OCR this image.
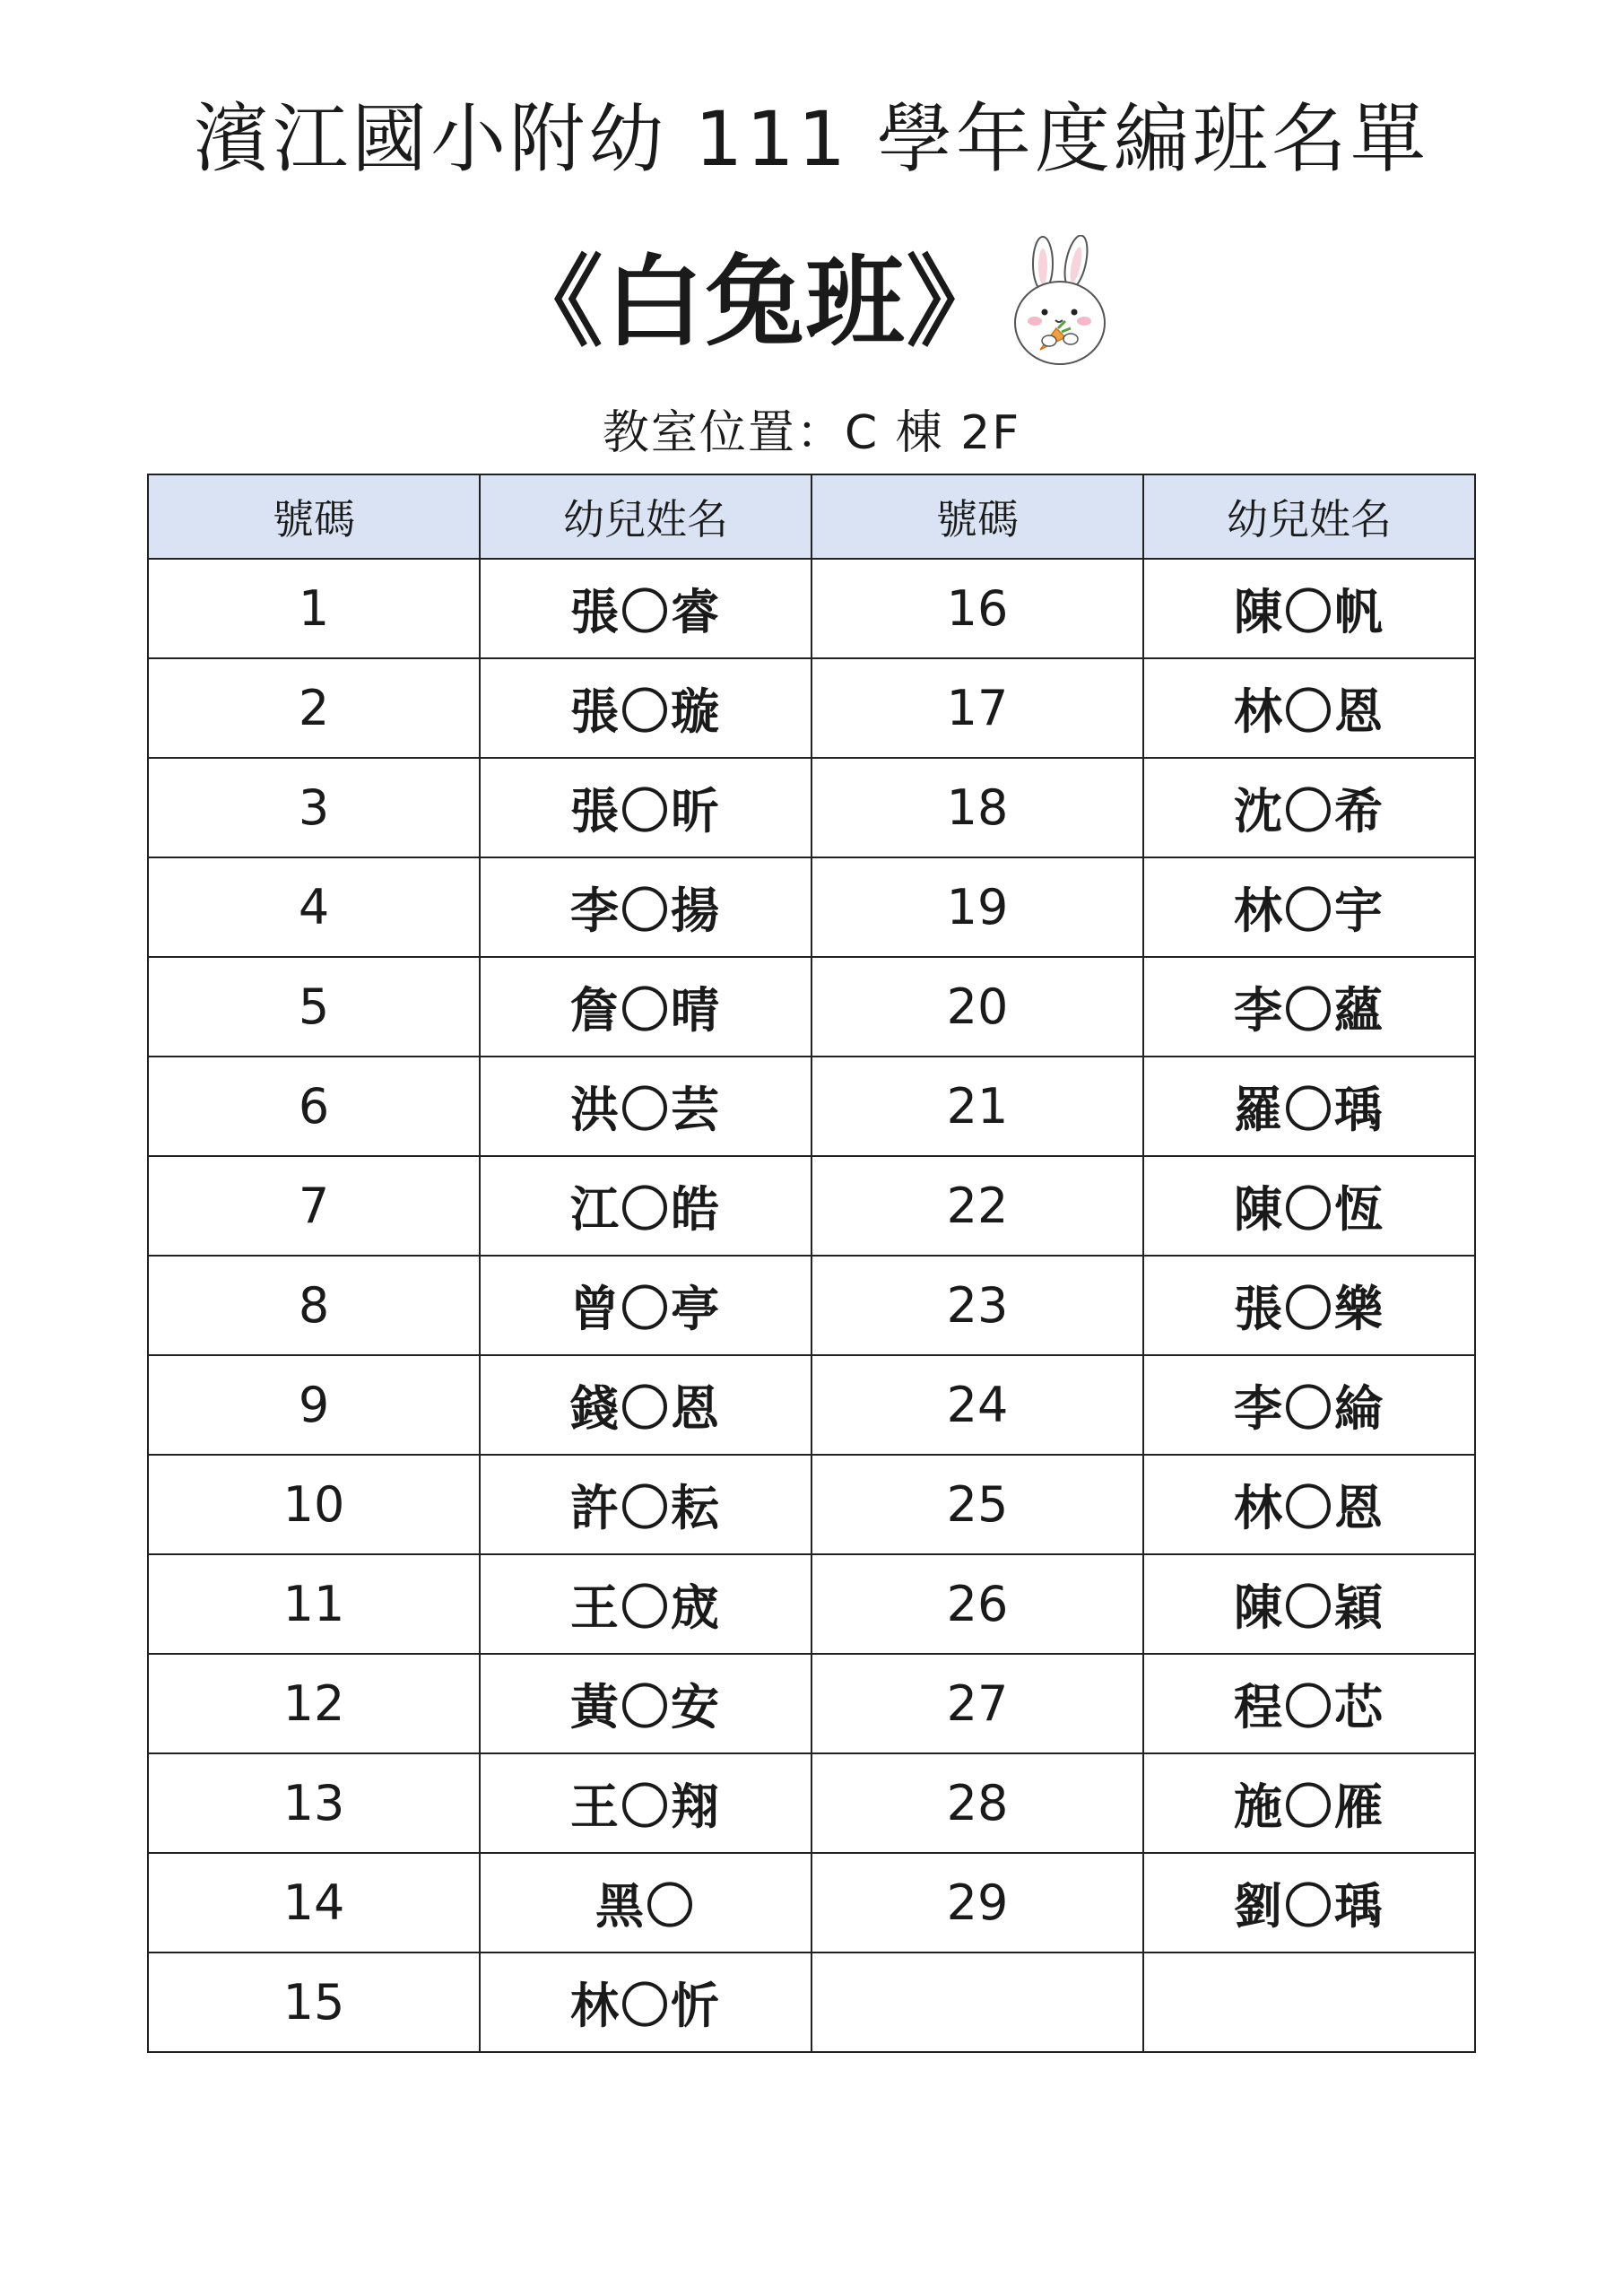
濱江國小附幼 111 學年度編班名單
《白兔班》
教室位置：C 棟 2F
號碼	幼兒姓名	號碼	幼兒姓名
1	張〇睿	16	陳〇帆
2	張〇璇	17	林〇恩
3	張〇昕	18	沈〇希
4	李〇揚	19	林〇宇
5	詹〇晴	20	李〇蘊
6	洪〇芸	21	羅〇瑀
7	江〇皓	22	陳〇恆
8	曾〇亭	23	張〇樂
9	錢〇恩	24	李〇綸
10	許〇耘	25	林〇恩
11	王〇宬	26	陳〇穎
12	黃〇安	27	程〇芯
13	王〇翔	28	施〇雁
14	黑〇	29	劉〇瑀
15	林〇忻		
